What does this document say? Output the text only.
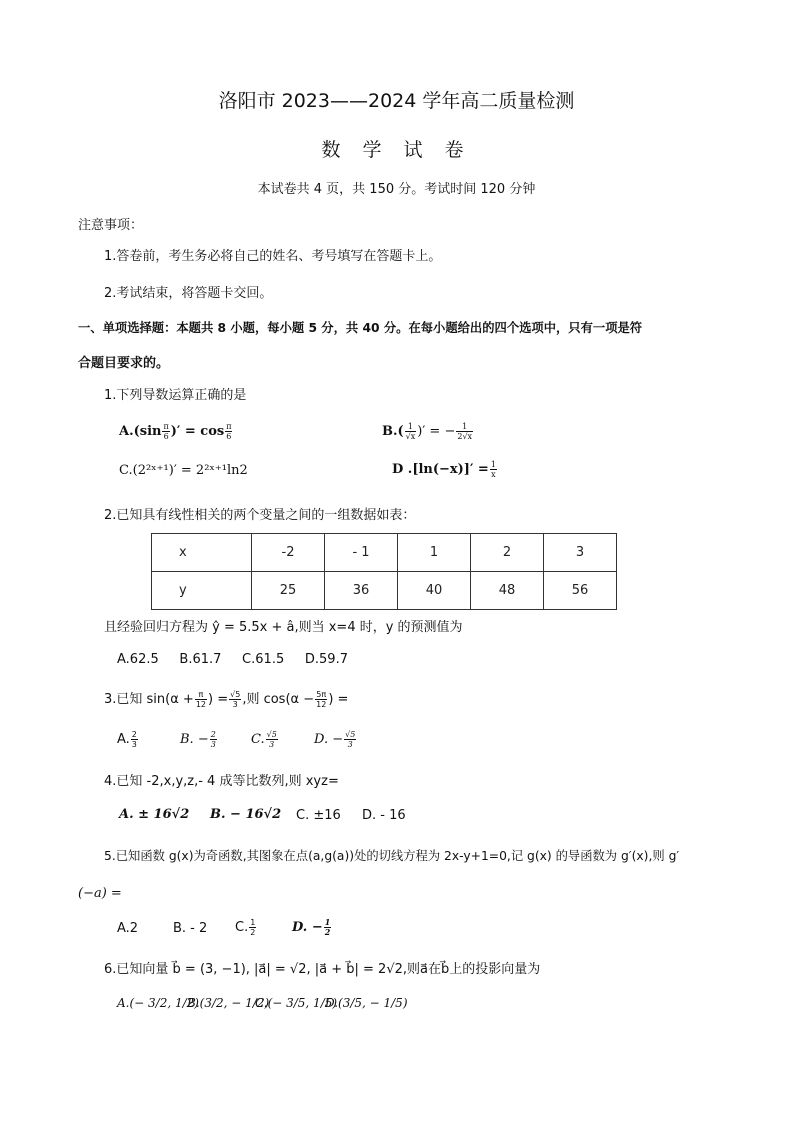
洛阳市 2023——2024 学年高二质量检测
数 学 试 卷
本试卷共 4 页，共 150 分。考试时间 120 分钟
注意事项：
1.答卷前，考生务必将自己的姓名、考号填写在答题卡上。
2.考试结束，将答题卡交回。
一、单项选择题：本题共 8 小题，每小题 5 分，共 40 分。在每小题给出的四个选项中，只有一项是符
合题目要求的。
1.下列导数运算正确的是
$A.(\sin \frac{\pi}{6}$ )′ = $\cos \frac{\pi}{6}$	$B.( \frac{1}{√x}$ )′ = − $\frac{1}{2√x}$
C.(2²ˣ⁺¹)′ = 2²ˣ⁺¹ln2	D $.[\ln(-x)]' = \frac{1}{x}$
2.已知具有线性相关的两个变量之间的一组数据如表：
x	-2	- 1	1	2	3
y	25	36	40	48	56
且经验回归方程为 ŷ = 5.5x + â,则当 x=4 时，y 的预测值为
A.62.5     B.61.7     C.61.5     D.59.7
3.已知 $\sin(\alpha + \frac{\pi}{12}$ ) = $\frac{√5}{3}$ ,则 $\cos(\alpha - \frac{5\pi}{12}$ ) =
A. $\frac{2}{3}$	B. − $\frac{2}{3}$	C. $\frac{√5}{3}$	D. − $\frac{√5}{3}$
4.已知 -2,x,y,z,- 4 成等比数列,则 xyz=
A. ± 16√2 B. − 16√2 C. ±16 D. - 16
5.已知函数 g(x)为奇函数,其图象在点(a,g(a))处的切线方程为 2x-y+1=0,记 g(x) 的导函数为 g′(x),则 g′
(−a) =
A.2	B. - 2 C. $\frac{1}{2}$	D. − $\frac{1}{2}$
6.已知向量 b⃗ = (3, −1), |a⃗| = √2, |a⃗ + b⃗| = 2√2,则a⃗在b⃗上的投影向量为
A.(− 3/2, 1/2)
B.(3/2, − 1/2)
C.(− 3/5, 1/5)
D.(3/5, − 1/5)
